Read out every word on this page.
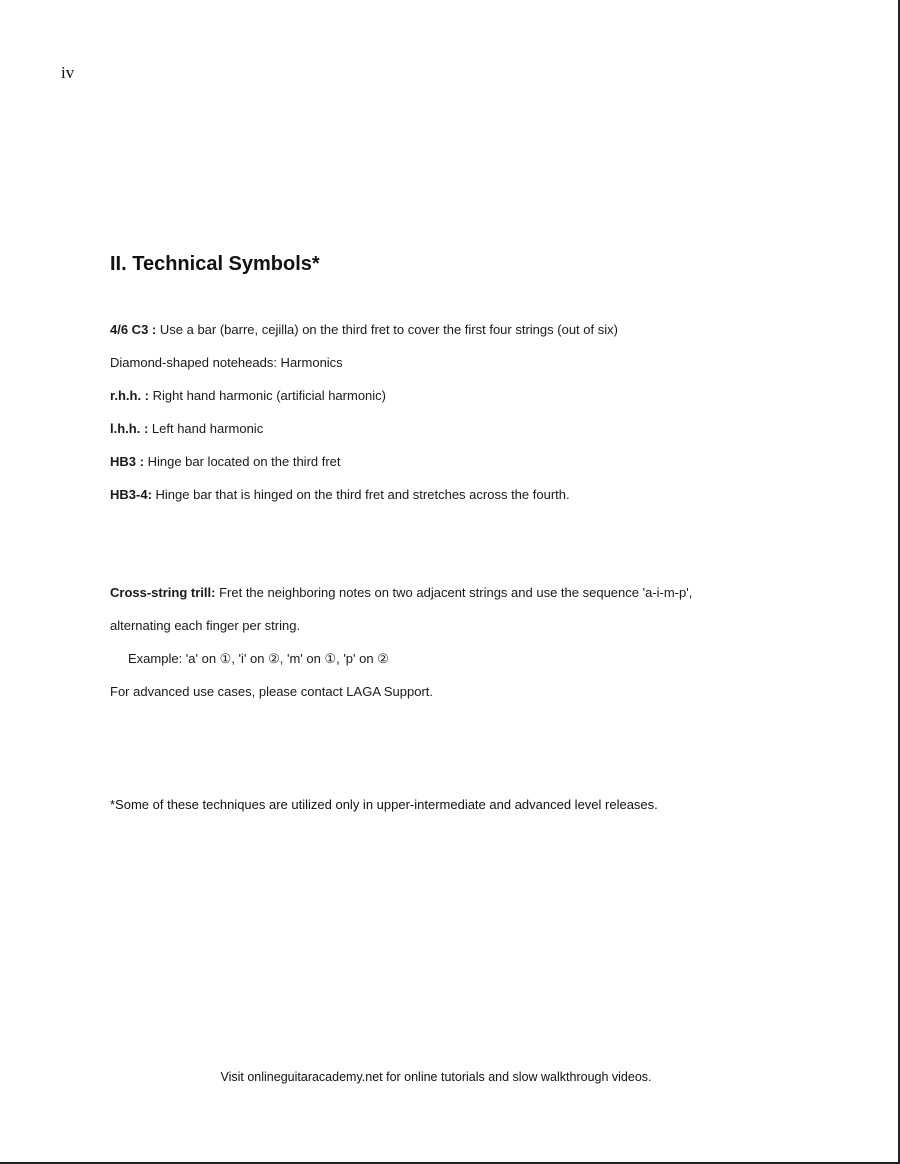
iv
II. Technical Symbols*
4/6 C3 : Use a bar (barre, cejilla) on the third fret to cover the first four strings (out of six)
Diamond-shaped noteheads: Harmonics
r.h.h. : Right hand harmonic (artificial harmonic)
l.h.h. : Left hand harmonic
HB3 : Hinge bar located on the third fret
HB3-4: Hinge bar that is hinged on the third fret and stretches across the fourth.
Cross-string trill: Fret the neighboring notes on two adjacent strings and use the sequence 'a-i-m-p',
alternating each finger per string.
Example: 'a' on ①, 'i' on ②, 'm' on ①, 'p' on ②
For advanced use cases, please contact LAGA Support.
*Some of these techniques are utilized only in upper-intermediate and advanced level releases.
Visit onlineguitaracademy.net for online tutorials and slow walkthrough videos.
